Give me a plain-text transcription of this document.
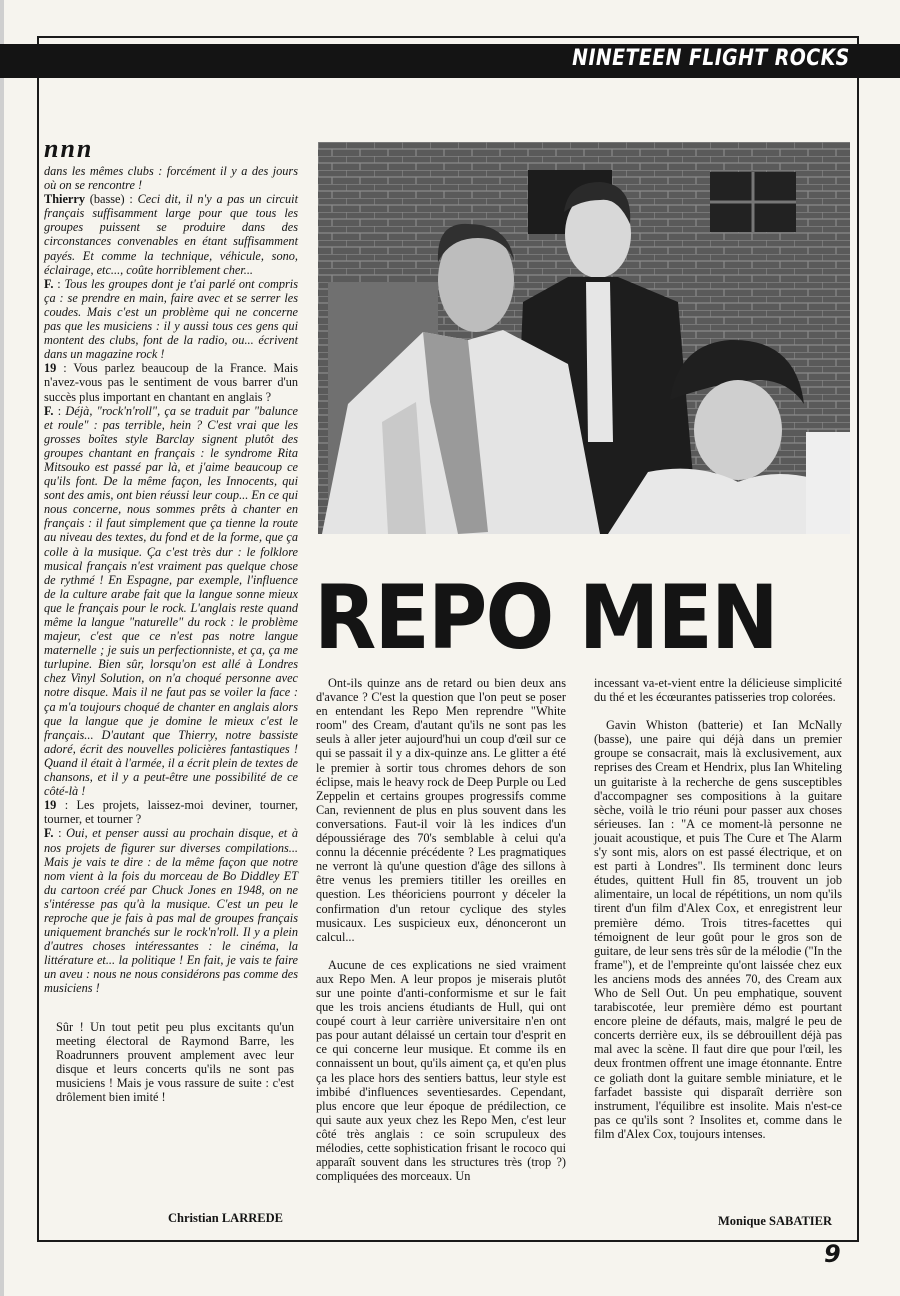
NINETEEN FLIGHT ROCKS
nnn

dans les mêmes clubs : forcément il y a des jours où on se rencontre !

Thierry (basse) : Ceci dit, il n'y a pas un circuit français suffisamment large pour que tous les groupes puissent se produire dans des circonstances convenables en étant suffisamment payés. Et comme la technique, véhicule, sono, éclairage, etc..., coûte horriblement cher...

F. : Tous les groupes dont je t'ai parlé ont compris ça : se prendre en main, faire avec et se serrer les coudes. Mais c'est un problème qui ne concerne pas que les musiciens : il y aussi tous ces gens qui montent des clubs, font de la radio, ou... écrivent dans un magazine rock !

19 : Vous parlez beaucoup de la France. Mais n'avez-vous pas le sentiment de vous barrer d'un succès plus important en chantant en anglais ?

F. : Déjà, "rock'n'roll", ça se traduit par "balunce et roule" : pas terrible, hein ? C'est vrai que les grosses boîtes style Barclay signent plutôt des groupes chantant en français : le syndrome Rita Mitsouko est passé par là, et j'aime beaucoup ce qu'ils font. De la même façon, les Innocents, qui sont des amis, ont bien réussi leur coup... En ce qui nous concerne, nous sommes prêts à chanter en français : il faut simplement que ça tienne la route au niveau des textes, du fond et de la forme, que ça colle à la musique. Ça c'est très dur : le folklore musical français n'est vraiment pas quelque chose de rythmé ! En Espagne, par exemple, l'influence de la culture arabe fait que la langue sonne mieux que le français pour le rock. L'anglais reste quand même la langue "naturelle" du rock : le problème majeur, c'est que ce n'est pas notre langue maternelle ; je suis un perfectionniste, et ça, ça me turlupine. Bien sûr, lorsqu'on est allé à Londres chez Vinyl Solution, on n'a choqué personne avec notre disque. Mais il ne faut pas se voiler la face : ça m'a toujours choqué de chanter en anglais alors que la langue que je domine le mieux c'est le français... D'autant que Thierry, notre bassiste adoré, écrit des nouvelles policières fantastiques ! Quand il était à l'armée, il a écrit plein de textes de chansons, et il y a peut-être une possibilité de ce côté-là !

19 : Les projets, laissez-moi deviner, tourner, tourner, et tourner ?

F. : Oui, et penser aussi au prochain disque, et à nos projets de figurer sur diverses compilations... Mais je vais te dire : de la même façon que notre nom vient à la fois du morceau de Bo Diddley ET du cartoon créé par Chuck Jones en 1948, on ne s'intéresse pas qu'à la musique. C'est un peu le reproche que je fais à pas mal de groupes français uniquement branchés sur le rock'n'roll. Il y a plein d'autres choses intéressantes : le cinéma, la littérature et... la politique ! En fait, je vais te faire un aveu : nous ne nous considérons pas comme des musiciens !

Sûr ! Un tout petit peu plus excitants qu'un meeting électoral de Raymond Barre, les Roadrunners prouvent amplement avec leur disque et leurs concerts qu'ils ne sont pas musiciens ! Mais je vous rassure de suite : c'est drôlement bien imité !

Christian LARREDE
REPO MEN

Ont-ils quinze ans de retard ou bien deux ans d'avance ? C'est la question que l'on peut se poser en entendant les Repo Men reprendre "White room" des Cream, d'autant qu'ils ne sont pas les seuls à aller jeter aujourd'hui un coup d'œil sur ce qui se passait il y a dix-quinze ans. Le glitter a été le premier à sortir tous chromes dehors de son éclipse, mais le heavy rock de Deep Purple ou Led Zeppelin et certains groupes progressifs comme Can, reviennent de plus en plus souvent dans les conversations. Faut-il voir là les indices d'un dépoussiérage des 70's semblable à celui qu'a connu la décennie précédente ? Les pragmatiques ne verront là qu'une question d'âge des sillons à être venus les premiers titiller les oreilles en question. Les théoriciens pourront y déceler la confirmation d'un retour cyclique des styles musicaux. Les suspicieux eux, dénonceront un calcul...

Aucune de ces explications ne sied vraiment aux Repo Men. A leur propos je miserais plutôt sur une pointe d'anti-conformisme et sur le fait que les trois anciens étudiants de Hull, qui ont coupé court à leur carrière universitaire n'en ont pas pour autant délaissé un certain tour d'esprit en ce qui concerne leur musique. Et comme ils en connaissent un bout, qu'ils aiment ça, et qu'en plus ça les place hors des sentiers battus, leur style est imbibé d'influences seventiesardes. Cependant, plus encore que leur époque de prédilection, ce qui saute aux yeux chez les Repo Men, c'est leur côté très anglais : ce soin scrupuleux des mélodies, cette sophistication frisant le rococo qui apparaît souvent dans les structures très (trop ?) compliquées des morceaux. Un

incessant va-et-vient entre la délicieuse simplicité du thé et les écœurantes patisseries trop colorées.

Gavin Whiston (batterie) et Ian McNally (basse), une paire qui déjà dans un premier groupe se consacrait, mais là exclusivement, aux reprises des Cream et Hendrix, plus Ian Whiteling un guitariste à la recherche de gens susceptibles d'accompagner ses compositions à la guitare sèche, voilà le trio réuni pour passer aux choses sérieuses. Ian : "A ce moment-là personne ne jouait acoustique, et puis The Cure et The Alarm s'y sont mis, alors on est passé électrique, et on est parti à Londres". Ils terminent donc leurs études, quittent Hull fin 85, trouvent un job alimentaire, un local de répétitions, un nom qu'ils tirent d'un film d'Alex Cox, et enregistrent leur première démo. Trois titres-facettes qui témoignent de leur goût pour le gros son de guitare, de leur sens très sûr de la mélodie ("In the frame"), et de l'empreinte qu'ont laissée chez eux les anciens mods des années 70, des Cream aux Who de Sell Out. Un peu emphatique, souvent tarabiscotée, leur première démo est pourtant encore pleine de défauts, mais, malgré le peu de concerts derrière eux, ils se débrouillent déjà pas mal avec la scène. Il faut dire que pour l'œil, les deux frontmen offrent une image étonnante. Entre ce goliath dont la guitare semble miniature, et le farfadet bassiste qui disparaît derrière son instrument, l'équilibre est insolite. Mais n'est-ce pas ce qu'ils sont ? Insolites et, comme dans le film d'Alex Cox, toujours intenses.

Monique SABATIER
9
